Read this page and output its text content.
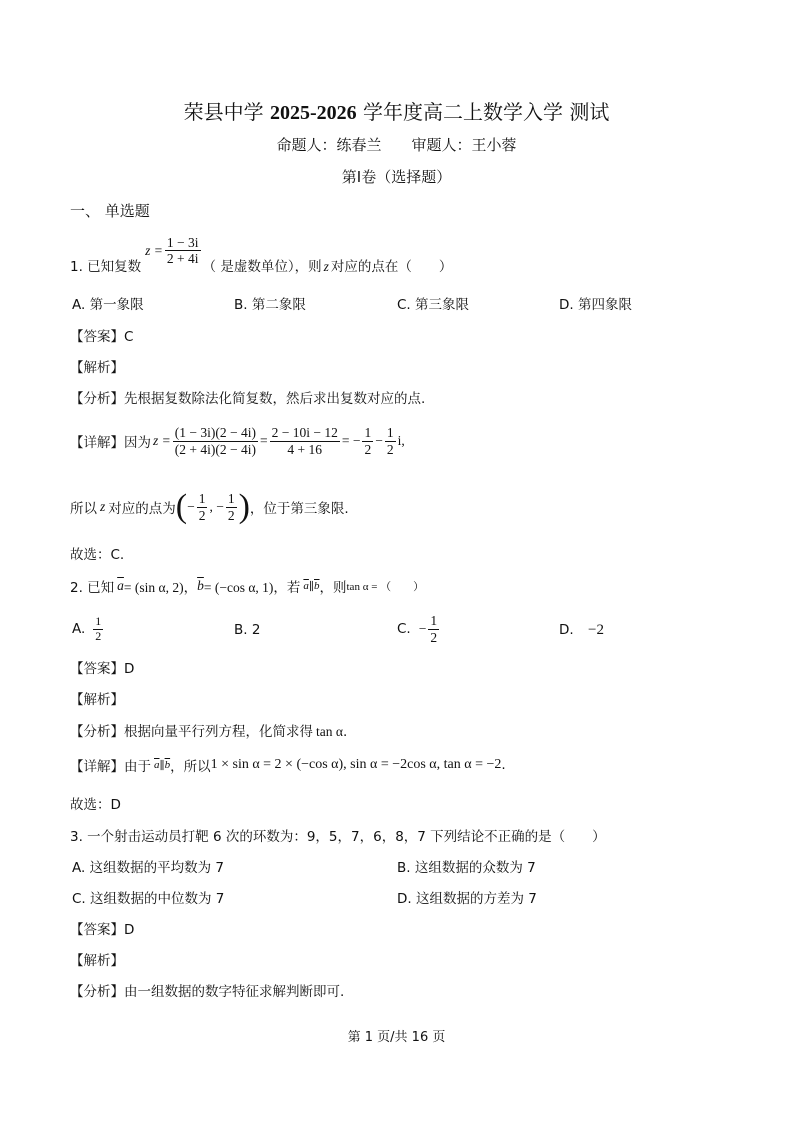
荣县中学 2025-2026 学年度高二上数学入学 测试
命题人：练春兰　　审题人：王小蓉
第Ⅰ卷（选择题）
一、 单选题
1. 已知复数
$z = \frac{1 - 3i}{2 + 4i}$ （ 是虚数单位），则 z 对应的点在（　　）
A. 第一象限	B. 第二象限	C. 第三象限	D. 第四象限
【答案】C
【解析】
【分析】先根据复数除法化简复数，然后求出复数对应的点.
【详解】因为 $z = \frac{(1 - 3i)(2 - 4i)}{(2 + 4i)(2 - 4i)} = \frac{2 - 10i - 12}{4 + 16}$ = − $\frac{1}{2} - \frac{1}{2} i$,
所以 z 对应的点为 ( − $\frac{1}{2}$ , − $\frac{1}{2}$ ) ，位于第三象限.
故选：C.
2. 已知 $\overline{a} = (\sin$ α, 2)， $\overline{b} = (-\cos$ α, 1)，若 $\overline{a}$ ∥ $\overline{b}$ ，则 tan α = （　　）
A. $\frac{1}{2}$	B. 2	C. − $\frac{1}{2}$	D. −2
【答案】D
【解析】
【分析】根据向量平行列方程，化简求得 tan α.
【详解】由于 $\overline{a}$ ∥ $\overline{b}$ ，所以 1 × sin α = 2 × (−cos α), sin α = −2cos α, tan α = −2 .
故选：D
3. 一个射击运动员打靶 6 次的环数为：9，5，7，6，8，7 下列结论不正确的是（　　）
A. 这组数据的平均数为 7	B. 这组数据的众数为 7
C. 这组数据的中位数为 7	D. 这组数据的方差为 7
【答案】D
【解析】
【分析】由一组数据的数字特征求解判断即可.
第 1 页/共 16 页
